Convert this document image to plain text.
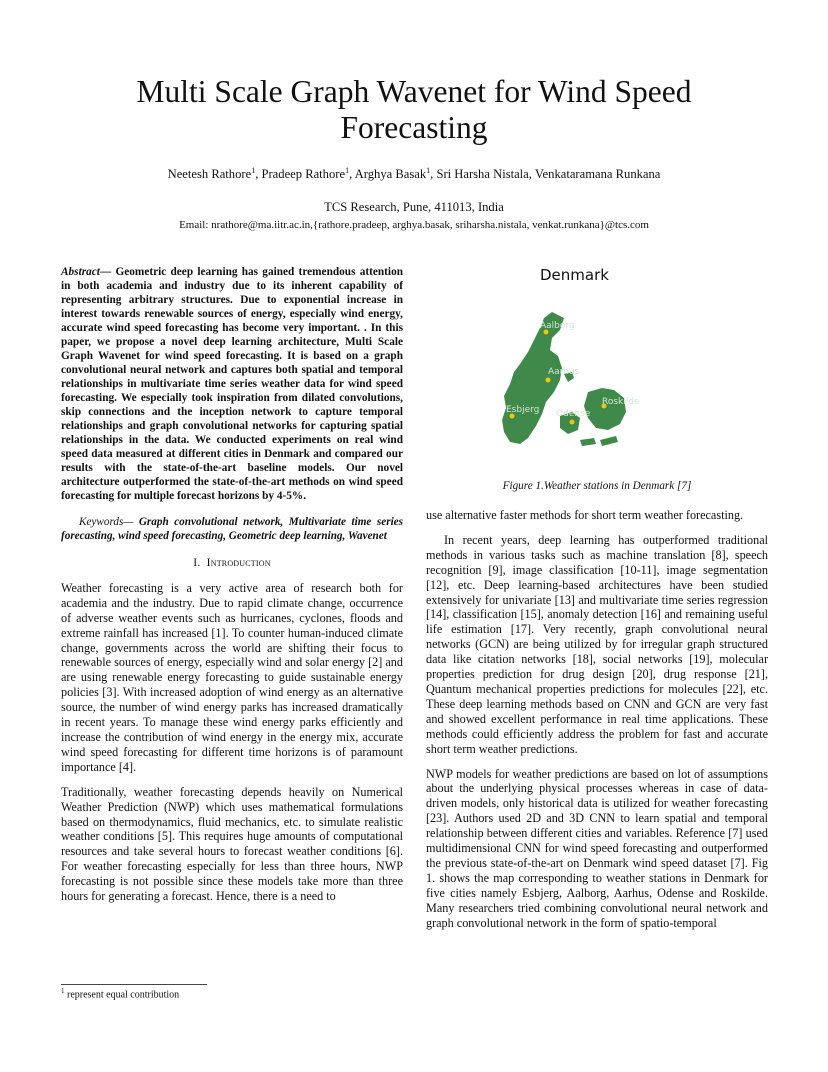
Multi Scale Graph Wavenet for Wind Speed Forecasting
Neetesh Rathore$^1$, Pradeep Rathore$^1$, Arghya Basak$^1$, Sri Harsha Nistala, Venkataramana Runkana
TCS Research, Pune, 411013, India
Email: nrathore@ma.iitr.ac.in,{rathore.pradeep, arghya.basak, sriharsha.nistala, venkat.runkana}@tcs.com

Abstract— Geometric deep learning has gained tremendous attention in both academia and industry due to its inherent capability of representing arbitrary structures. Due to exponential increase in interest towards renewable sources of energy, especially wind energy, accurate wind speed forecasting has become very important. . In this paper, we propose a novel deep learning architecture, Multi Scale Graph Wavenet for wind speed forecasting. It is based on a graph convolutional neural network and captures both spatial and temporal relationships in multivariate time series weather data for wind speed forecasting. We especially took inspiration from dilated convolutions, skip connections and the inception network to capture temporal relationships and graph convolutional networks for capturing spatial relationships in the data. We conducted experiments on real wind speed data measured at different cities in Denmark and compared our results with the state-of-the-art baseline models. Our novel architecture outperformed the state-of-the-art methods on wind speed forecasting for multiple forecast horizons by 4-5%.

Keywords— Graph convolutional network, Multivariate time series forecasting, wind speed forecasting, Geometric deep learning, Wavenet

I. Introduction

Weather forecasting is a very active area of research both for academia and the industry. Due to rapid climate change, occurrence of adverse weather events such as hurricanes, cyclones, floods and extreme rainfall has increased [1]. To counter human-induced climate change, governments across the world are shifting their focus to renewable sources of energy, especially wind and solar energy [2] and are using renewable energy forecasting to guide sustainable energy policies [3]. With increased adoption of wind energy as an alternative source, the number of wind energy parks has increased dramatically in recent years. To manage these wind energy parks efficiently and increase the contribution of wind energy in the energy mix, accurate wind speed forecasting for different time horizons is of paramount importance [4].

Traditionally, weather forecasting depends heavily on Numerical Weather Prediction (NWP) which uses mathematical formulations based on thermodynamics, fluid mechanics, etc. to simulate realistic weather conditions [5]. This requires huge amounts of computational resources and take several hours to forecast weather conditions [6]. For weather forecasting especially for less than three hours, NWP forecasting is not possible since these models take more than three hours for generating a forecast. Hence, there is a need to

Denmark
Aalborg
Aarhus
Esbjerg Odense
Roskilde
Figure 1.Weather stations in Denmark [7]

use alternative faster methods for short term weather forecasting.

In recent years, deep learning has outperformed traditional methods in various tasks such as machine translation [8], speech recognition [9], image classification [10-11], image segmentation [12], etc. Deep learning-based architectures have been studied extensively for univariate [13] and multivariate time series regression [14], classification [15], anomaly detection [16] and remaining useful life estimation [17]. Very recently, graph convolutional neural networks (GCN) are being utilized by for irregular graph structured data like citation networks [18], social networks [19], molecular properties prediction for drug design [20], drug response [21], Quantum mechanical properties predictions for molecules [22], etc. These deep learning methods based on CNN and GCN are very fast and showed excellent performance in real time applications. These methods could efficiently address the problem for fast and accurate short term weather predictions.

NWP models for weather predictions are based on lot of assumptions about the underlying physical processes whereas in case of data-driven models, only historical data is utilized for weather forecasting [23]. Authors used 2D and 3D CNN to learn spatial and temporal relationship between different cities and variables. Reference [7] used multidimensional CNN for wind speed forecasting and outperformed the previous state-of-the-art on Denmark wind speed dataset [7]. Fig 1. shows the map corresponding to weather stations in Denmark for five cities namely Esbjerg, Aalborg, Aarhus, Odense and Roskilde. Many researchers tried combining convolutional neural network and graph convolutional network in the form of spatio-temporal

$^1$ represent equal contribution
